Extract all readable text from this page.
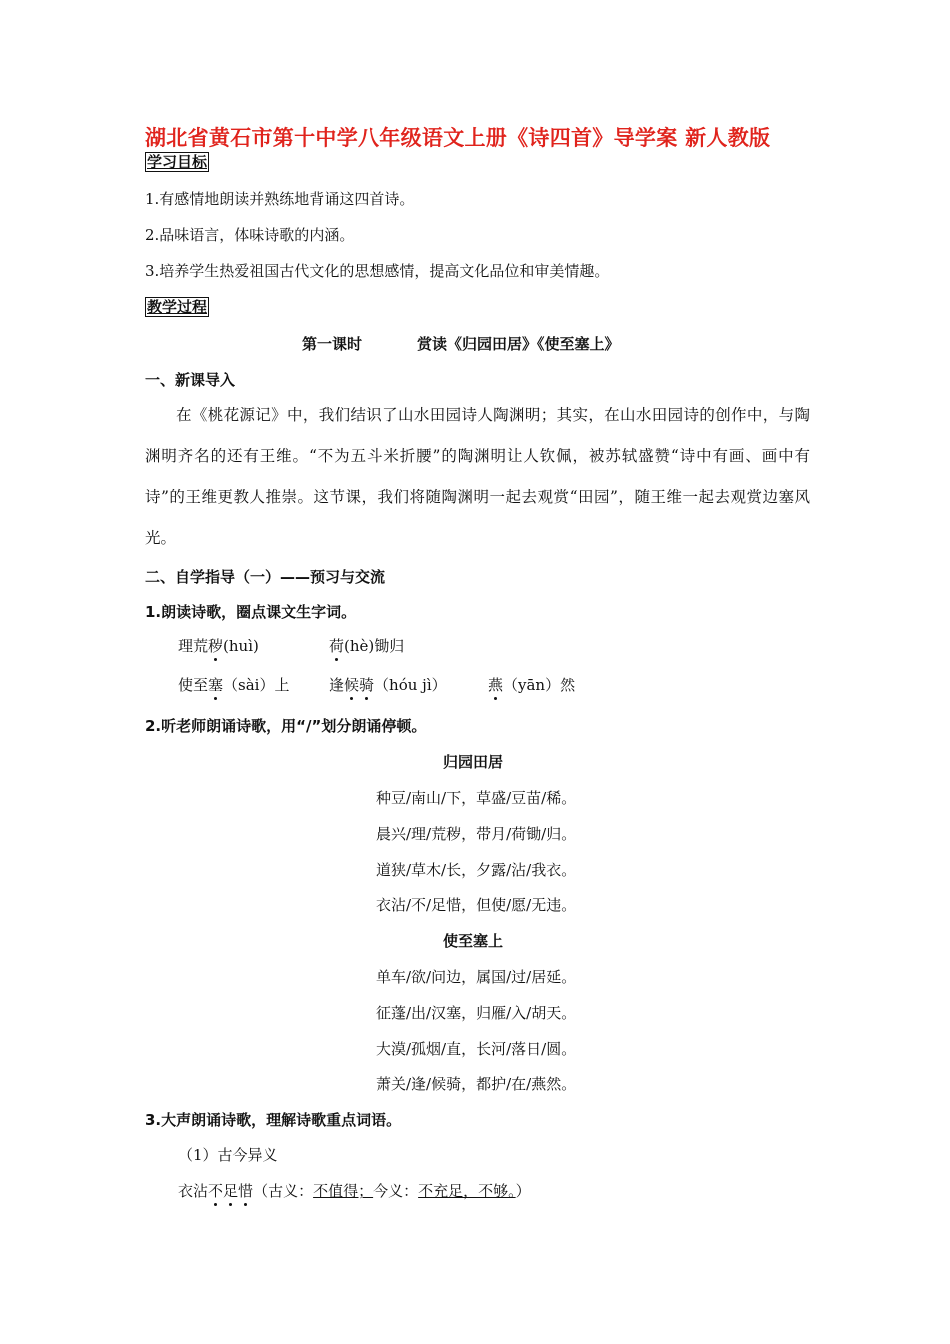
湖北省黄石市第十中学八年级语文上册《诗四首》导学案 新人教版
学习目标
1.有感情地朗读并熟练地背诵这四首诗。
2.品味语言，体味诗歌的内涵。
3.培养学生热爱祖国古代文化的思想感情，提高文化品位和审美情趣。
教学过程
第一课时	赏读《归园田居》《使至塞上》
一、新课导入
在《桃花源记》中，我们结识了山水田园诗人陶渊明；其实，在山水田园诗的创作中，与陶渊明齐名的还有王维。“不为五斗米折腰”的陶渊明让人钦佩，被苏轼盛赞“诗中有画、画中有诗”的王维更教人推崇。这节课，我们将随陶渊明一起去观赏“田园”，随王维一起去观赏边塞风光。
二、自学指导（一）——预习与交流
1.朗读诗歌，圈点课文生字词。
理荒秽(huì)	荷(hè)锄归
使至塞（sài）上	逢候骑（hóu jì）	燕（yān）然
2.听老师朗诵诗歌，用“/”划分朗诵停顿。
归园田居
种豆/南山/下，草盛/豆苗/稀。
晨兴/理/荒秽，带月/荷锄/归。
道狭/草木/长，夕露/沾/我衣。
衣沾/不/足惜，但使/愿/无违。
使至塞上
单车/欲/问边，属国/过/居延。
征蓬/出/汉塞，归雁/入/胡天。
大漠/孤烟/直，长河/落日/圆。
萧关/逢/候骑，都护/在/燕然。
3.大声朗诵诗歌，理解诗歌重点词语。
（1）古今异义
衣沾不足惜（古义：不值得；今义：不充足，不够。）
